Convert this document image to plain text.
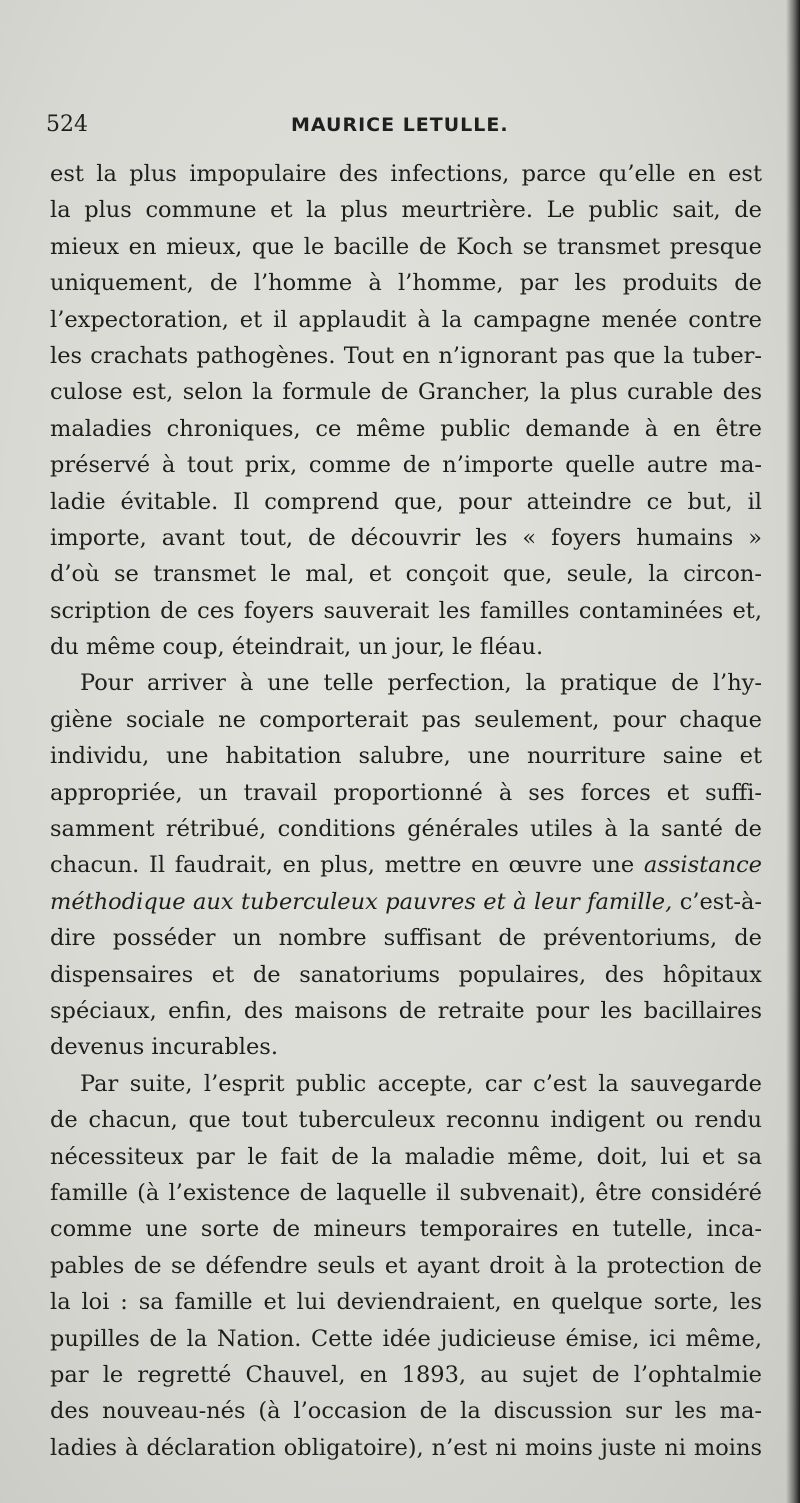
524	MAURICE LETULLE.
est la plus impopulaire des infections, parce qu’elle en est
la plus commune et la plus meurtrière. Le public sait, de
mieux en mieux, que le bacille de Koch se transmet presque
uniquement, de l’homme à l’homme, par les produits de
l’expectoration, et il applaudit à la campagne menée contre
les crachats pathogènes. Tout en n’ignorant pas que la tuber-
culose est, selon la formule de Grancher, la plus curable des
maladies chroniques, ce même public demande à en être
préservé à tout prix, comme de n’importe quelle autre ma-
ladie évitable. Il comprend que, pour atteindre ce but, il
importe, avant tout, de découvrir les « foyers humains »
d’où se transmet le mal, et conçoit que, seule, la circon-
scription de ces foyers sauverait les familles contaminées et,
du même coup, éteindrait, un jour, le fléau.
Pour arriver à une telle perfection, la pratique de l’hy-
giène sociale ne comporterait pas seulement, pour chaque
individu, une habitation salubre, une nourriture saine et
appropriée, un travail proportionné à ses forces et suffi-
samment rétribué, conditions générales utiles à la santé de
chacun. Il faudrait, en plus, mettre en œuvre une assistance
méthodique aux tuberculeux pauvres et à leur famille, c’est-à-
dire posséder un nombre suffisant de préventoriums, de
dispensaires et de sanatoriums populaires, des hôpitaux
spéciaux, enfin, des maisons de retraite pour les bacillaires
devenus incurables.
Par suite, l’esprit public accepte, car c’est la sauvegarde
de chacun, que tout tuberculeux reconnu indigent ou rendu
nécessiteux par le fait de la maladie même, doit, lui et sa
famille (à l’existence de laquelle il subvenait), être considéré
comme une sorte de mineurs temporaires en tutelle, inca-
pables de se défendre seuls et ayant droit à la protection de
la loi : sa famille et lui deviendraient, en quelque sorte, les
pupilles de la Nation. Cette idée judicieuse émise, ici même,
par le regretté Chauvel, en 1893, au sujet de l’ophtalmie
des nouveau-nés (à l’occasion de la discussion sur les ma-
ladies à déclaration obligatoire), n’est ni moins juste ni moins
